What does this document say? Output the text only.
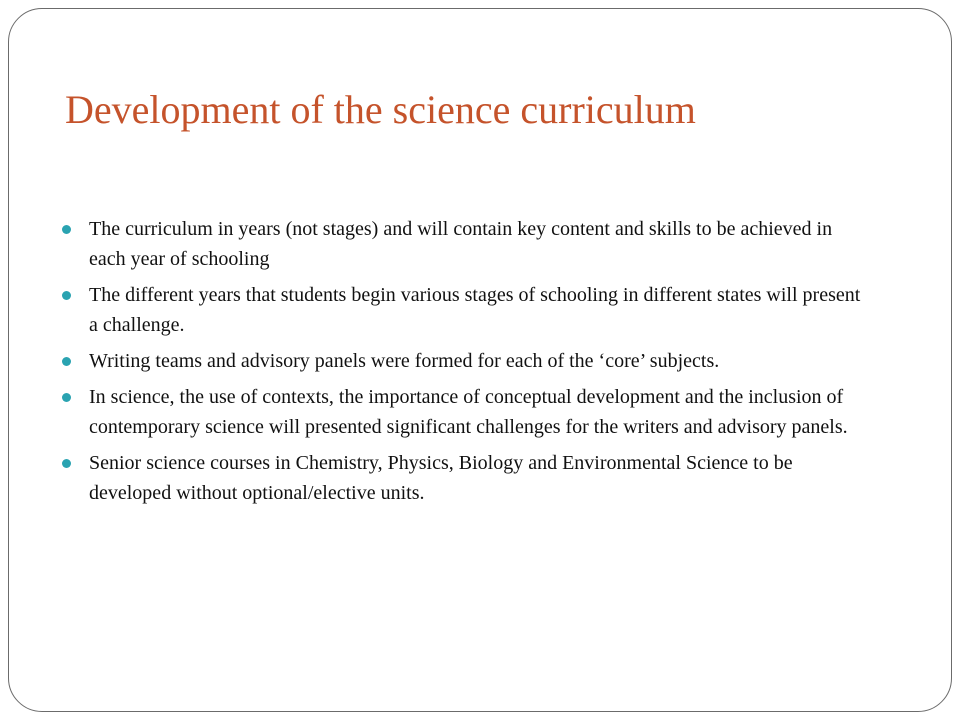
Development of the science curriculum
The curriculum in years (not stages) and will contain key content and skills to be achieved in each year of schooling
The different years that students begin various stages of schooling in different states will present a challenge.
Writing teams and advisory panels were formed for each of the ‘core’ subjects.
In science, the use of contexts, the importance of conceptual development and the inclusion of contemporary science will presented significant challenges for the writers and advisory panels.
Senior science courses in Chemistry, Physics, Biology and Environmental Science to be developed without optional/elective units.
